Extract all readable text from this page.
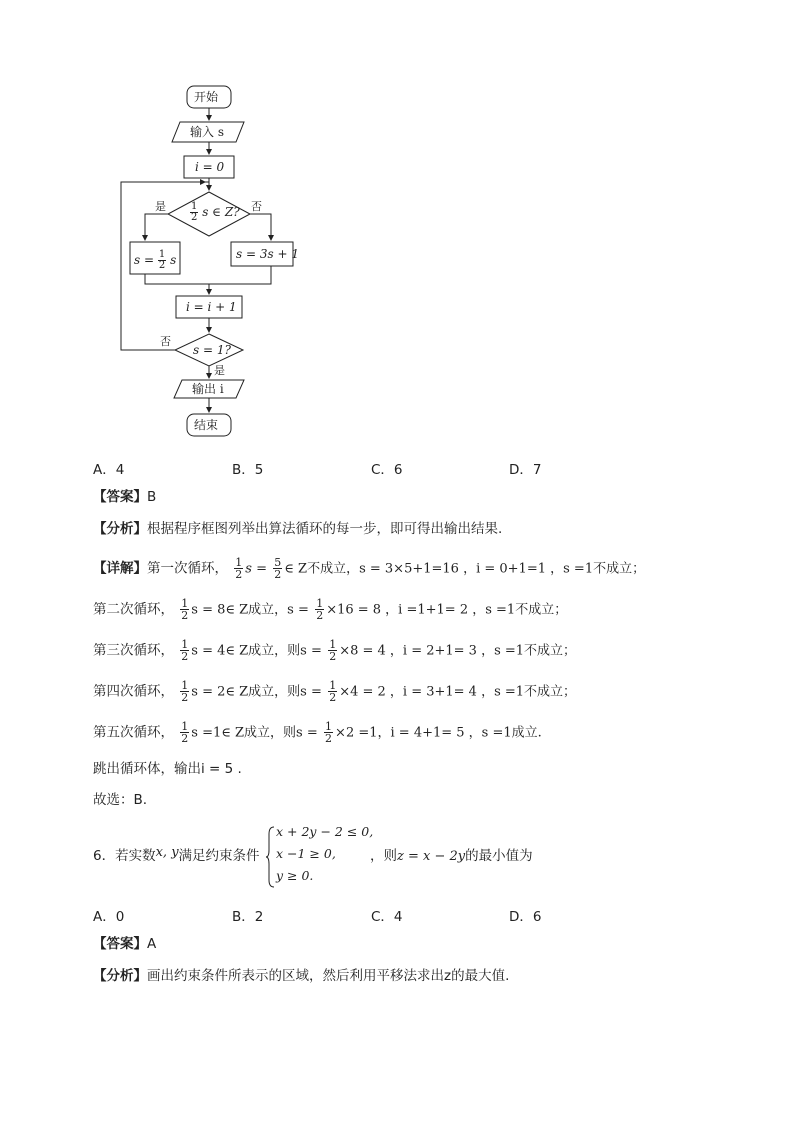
开始
输入 s
i = 0
$\frac{1}{2}$ s ∈ Z?
是	否
$s = \frac{1}{2}$ s	s = 3s + 1
i = i + 1
s = 1?
否
是
输出 i
结束
A．4	B．5	C．6	D．7
【答案】B
【分析】根据程序框图列举出算法循环的每一步，即可得出输出结果.
【详解】第一次循环， $\frac{1}{2}$ $s = \frac{5}{2}$ ∈ Z不成立，s = 3×5+1=16 ，i = 0+1=1 ，s =1不成立；
第二次循环， $\frac{1}{2}$ s = 8∈ Z成立，$s = \frac{1}{2} \times 16 = 8$ ，i =1+1= 2 ，s =1不成立；
第三次循环， $\frac{1}{2}$ s = 4∈ Z成立，则$s = \frac{1}{2} \times 8 = 4$ ，i = 2+1= 3 ，s =1不成立；
第四次循环， $\frac{1}{2}$ s = 2∈ Z成立，则$s = \frac{1}{2} \times 4 = 2$ ，i = 3+1= 4 ，s =1不成立；
第五次循环， $\frac{1}{2}$ s =1∈ Z成立，则$s = \frac{1}{2} \times 2 =1$，i = 4+1= 5 ，s =1成立.
跳出循环体，输出i = 5 .
故选：B.
6．若实数x, y满足约束条件
x + 2y − 2 ≤ 0,
x −1 ≥ 0,
y ≥ 0.
，则z = x − 2y的最小值为
A．0	B．2	C．4	D．6
【答案】A
【分析】画出约束条件所表示的区域，然后利用平移法求出z的最大值.
